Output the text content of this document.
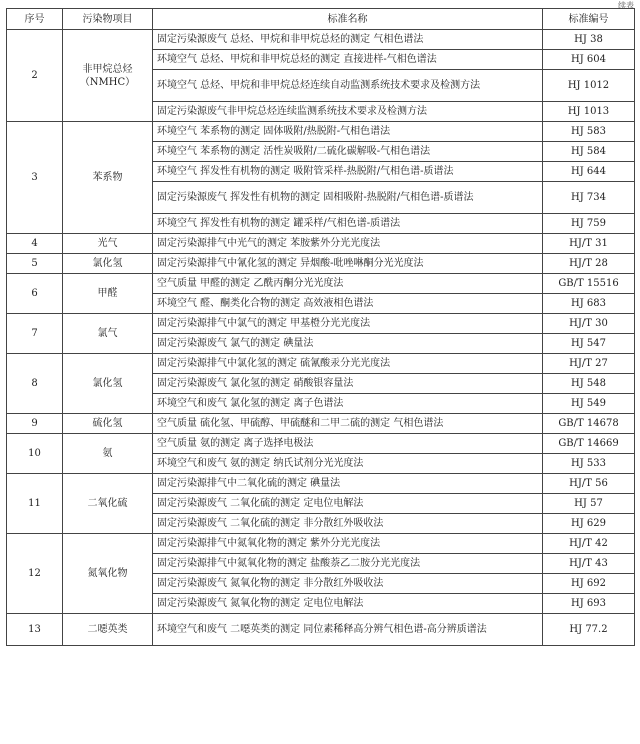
续表
序号	污染物项目	标准名称	标准编号
2	非甲烷总烃（NMHC）	固定污染源废气 总烃、甲烷和非甲烷总烃的测定 气相色谱法	HJ 38
		环境空气 总烃、甲烷和非甲烷总烃的测定 直接进样-气相色谱法	HJ 604
		环境空气 总烃、甲烷和非甲烷总烃连续自动监测系统技术要求及检测方法	HJ 1012
		固定污染源废气非甲烷总烃连续监测系统技术要求及检测方法	HJ 1013
3	苯系物	环境空气 苯系物的测定 固体吸附/热脱附-气相色谱法	HJ 583
		环境空气 苯系物的测定 活性炭吸附/二硫化碳解吸-气相色谱法	HJ 584
		环境空气 挥发性有机物的测定 吸附管采样-热脱附/气相色谱-质谱法	HJ 644
		固定污染源废气 挥发性有机物的测定 固相吸附-热脱附/气相色谱-质谱法	HJ 734
		环境空气 挥发性有机物的测定 罐采样/气相色谱-质谱法	HJ 759
4	光气	固定污染源排气中光气的测定 苯胺紫外分光光度法	HJ/T 31
5	氯化氢	固定污染源排气中氰化氢的测定 异烟酸-吡唑啉酮分光光度法	HJ/T 28
6	甲醛	空气质量 甲醛的测定 乙酰丙酮分光光度法	GB/T 15516
		环境空气 醛、酮类化合物的测定 高效液相色谱法	HJ 683
7	氯气	固定污染源排气中氯气的测定 甲基橙分光光度法	HJ/T 30
		固定污染源废气 氯气的测定 碘量法	HJ 547
8	氯化氢	固定污染源排气中氯化氢的测定 硫氰酸汞分光光度法	HJ/T 27
		固定污染源废气 氯化氢的测定 硝酸银容量法	HJ 548
		环境空气和废气 氯化氢的测定 离子色谱法	HJ 549
9	硫化氢	空气质量 硫化氢、甲硫醇、甲硫醚和二甲二硫的测定 气相色谱法	GB/T 14678
10	氨	空气质量 氨的测定 离子选择电极法	GB/T 14669
		环境空气和废气 氨的测定 纳氏试剂分光光度法	HJ 533
11	二氧化硫	固定污染源排气中二氧化硫的测定 碘量法	HJ/T 56
		固定污染源废气 二氧化硫的测定 定电位电解法	HJ 57
		固定污染源废气 二氧化硫的测定 非分散红外吸收法	HJ 629
12	氮氧化物	固定污染源排气中氮氧化物的测定 紫外分光光度法	HJ/T 42
		固定污染源排气中氮氧化物的测定 盐酸萘乙二胺分光光度法	HJ/T 43
		固定污染源废气 氮氧化物的测定 非分散红外吸收法	HJ 692
		固定污染源废气 氮氧化物的测定 定电位电解法	HJ 693
13	二噁英类	环境空气和废气 二噁英类的测定 同位素稀释高分辨气相色谱-高分辨质谱法	HJ 77.2
